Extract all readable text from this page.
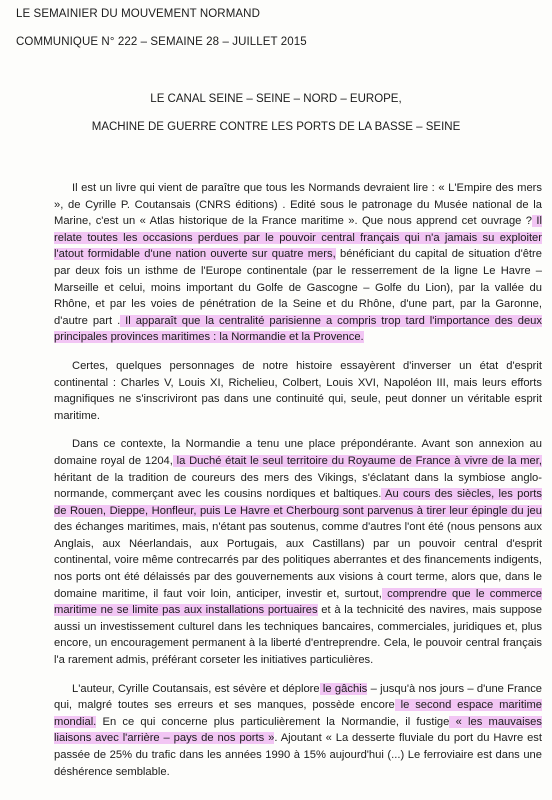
LE SEMAINIER DU MOUVEMENT NORMAND
COMMUNIQUE N° 222 – SEMAINE 28 – JUILLET 2015
LE CANAL SEINE – SEINE – NORD – EUROPE,
MACHINE DE GUERRE CONTRE LES PORTS DE LA BASSE – SEINE

Il est un livre qui vient de paraître que tous les Normands devraient lire : « L'Empire des mers », de Cyrille P. Coutansais (CNRS éditions) . Edité sous le patronage du Musée national de la Marine, c'est un « Atlas historique de la France maritime ». Que nous apprend cet ouvrage ? Il relate toutes les occasions perdues par le pouvoir central français qui n'a jamais su exploiter l'atout formidable d'une nation ouverte sur quatre mers, bénéficiant du capital de situation d'être par deux fois un isthme de l'Europe continentale (par le resserrement de la ligne Le Havre – Marseille et celui, moins important du Golfe de Gascogne – Golfe du Lion), par la vallée du Rhône, et par les voies de pénétration de la Seine et du Rhône, d'une part, par la Garonne, d'autre part . Il apparaît que la centralité parisienne a compris trop tard l'importance des deux principales provinces maritimes : la Normandie et la Provence.

Certes, quelques personnages de notre histoire essayèrent d'inverser un état d'esprit continental : Charles V, Louis XI, Richelieu, Colbert, Louis XVI, Napoléon III, mais leurs efforts magnifiques ne s'inscriviront pas dans une continuité qui, seule, peut donner un véritable esprit maritime.

Dans ce contexte, la Normandie a tenu une place prépondérante. Avant son annexion au domaine royal de 1204, la Duché était le seul territoire du Royaume de France à vivre de la mer, héritant de la tradition de coureurs des mers des Vikings, s'éclatant dans la symbiose anglo-normande, commerçant avec les cousins nordiques et baltiques. Au cours des siècles, les ports de Rouen, Dieppe, Honfleur, puis Le Havre et Cherbourg sont parvenus à tirer leur épingle du jeu des échanges maritimes, mais, n'étant pas soutenus, comme d'autres l'ont été (nous pensons aux Anglais, aux Néerlandais, aux Portugais, aux Castillans) par un pouvoir central d'esprit continental, voire même contrecarrés par des politiques aberrantes et des financements indigents, nos ports ont été délaissés par des gouvernements aux visions à court terme, alors que, dans le domaine maritime, il faut voir loin, anticiper, investir et, surtout, comprendre que le commerce maritime ne se limite pas aux installations portuaires et à la technicité des navires, mais suppose aussi un investissement culturel dans les techniques bancaires, commerciales, juridiques et, plus encore, un encouragement permanent à la liberté d'entreprendre. Cela, le pouvoir central français l'a rarement admis, préférant corseter les initiatives particulières.

L'auteur, Cyrille Coutansais, est sévère et déplore le gâchis – jusqu'à nos jours – d'une France qui, malgré toutes ses erreurs et ses manques, possède encore le second espace maritime mondial. En ce qui concerne plus particulièrement la Normandie, il fustige « les mauvaises liaisons avec l'arrière – pays de nos ports ». Ajoutant « La desserte fluviale du port du Havre est passée de 25% du trafic dans les années 1990 à 15% aujourd'hui (...) Le ferroviaire est dans une déshérence semblable.
